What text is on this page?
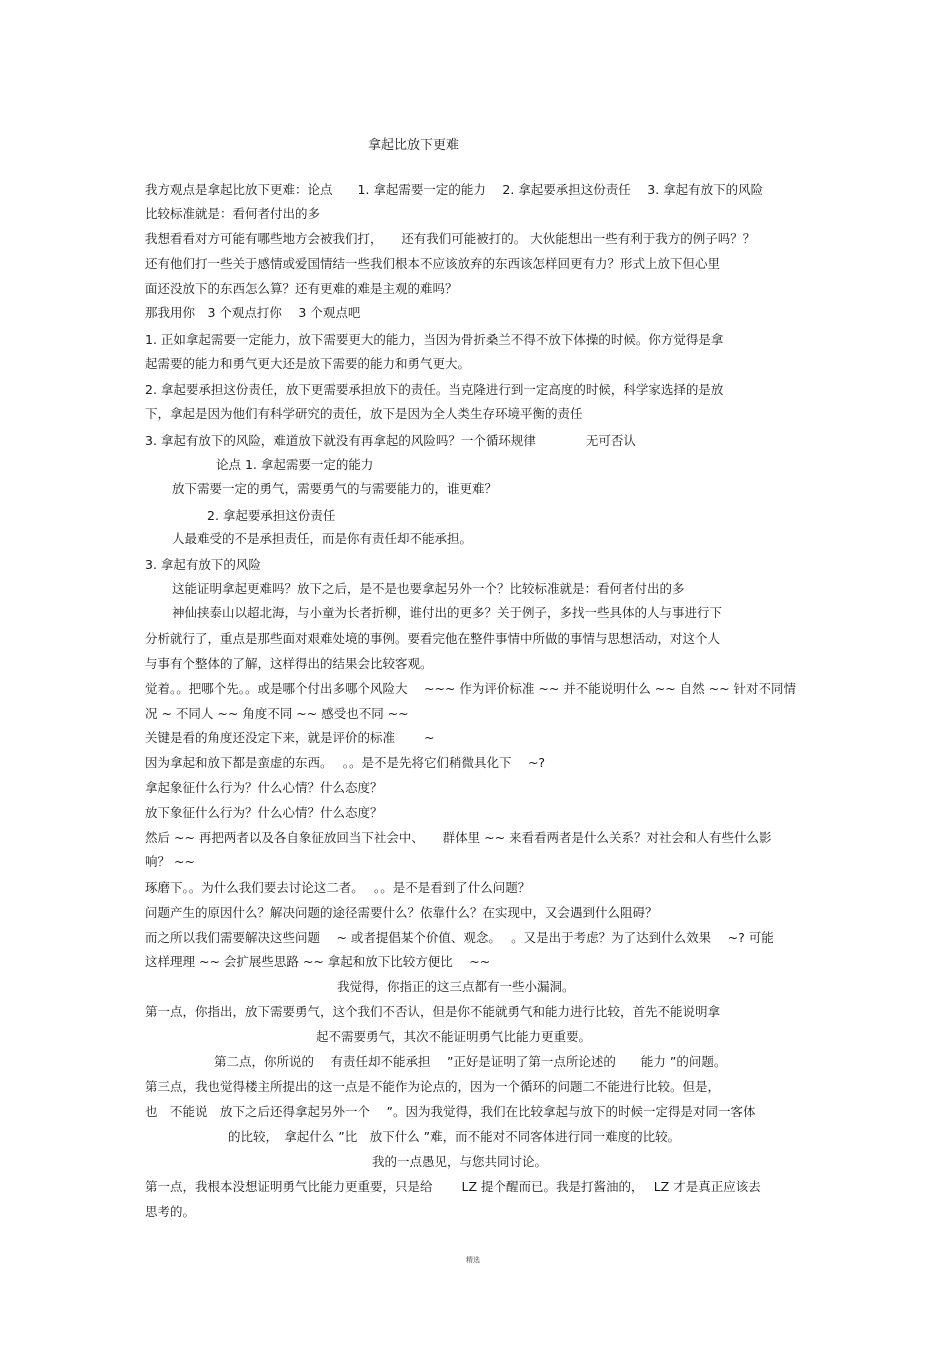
拿起比放下更难
我方观点是拿起比放下更难：论点　　1. 拿起需要一定的能力　 2. 拿起要承担这份责任　 3. 拿起有放下的风险
比较标准就是：看何者付出的多
我想看看对方可能有哪些地方会被我们打，　　还有我们可能被打的。 大伙能想出一些有利于我方的例子吗？？
还有他们打一些关于感情或爱国情结一些我们根本不应该放弃的东西该怎样回更有力？形式上放下但心里
面还没放下的东西怎么算？还有更难的难是主观的难吗？
那我用你　3 个观点打你　 3 个观点吧
1. 正如拿起需要一定能力，放下需要更大的能力，当因为骨折桑兰不得不放下体操的时候。你方觉得是拿
起需要的能力和勇气更大还是放下需要的能力和勇气更大。
2. 拿起要承担这份责任，放下更需要承担放下的责任。当克隆进行到一定高度的时候，科学家选择的是放
下，拿起是因为他们有科学研究的责任，放下是因为全人类生存环境平衡的责任
3. 拿起有放下的风险，难道放下就没有再拿起的风险吗？一个循环规律　　　　无可否认
论点 1. 拿起需要一定的能力
放下需要一定的勇气，需要勇气的与需要能力的，谁更难？
2. 拿起要承担这份责任
人最难受的不是承担责任，而是你有责任却不能承担。
3. 拿起有放下的风险
这能证明拿起更难吗？放下之后，是不是也要拿起另外一个？比较标准就是：看何者付出的多
神仙挟泰山以超北海，与小童为长者折柳，谁付出的更多？关于例子，多找一些具体的人与事进行下
分析就行了，重点是那些面对艰难处境的事例。要看完他在整件事情中所做的事情与思想活动，对这个人
与事有个整体的了解，这样得出的结果会比较客观。
觉着。。把哪个先。。或是哪个付出多哪个风险大　 ~~~ 作为评价标准 ~~ 并不能说明什么 ~~ 自然 ~~ 针对不同情
况 ~ 不同人 ~~ 角度不同 ~~ 感受也不同 ~~
关键是看的角度还没定下来，就是评价的标准　　 ~
因为拿起和放下都是蛮虚的东西。　 。。是不是先将它们稍微具化下　 ~?
拿起象征什么行为？什么心情？什么态度？
放下象征什么行为？什么心情？什么态度？
然后 ~~ 再把两者以及各自象征放回当下社会中、　　群体里 ~~ 来看看两者是什么关系？对社会和人有些什么影
响？ ~~
琢磨下。。为什么我们要去讨论这二者。　 。。是不是看到了什么问题？
问题产生的原因什么？解决问题的途径需要什么？依靠什么？在实现中，又会遇到什么阻碍？
而之所以我们需要解决这些问题　 ~ 或者提倡某个价值、观念。　 。又是出于考虑？为了达到什么效果　 ~? 可能
这样理理 ~~ 会扩展些思路 ~~ 拿起和放下比较方便比　 ~~
我觉得，你指正的这三点都有一些小漏洞。
第一点，你指出，放下需要勇气，这个我们不否认，但是你不能就勇气和能力进行比较，首先不能说明拿
起不需要勇气，其次不能证明勇气比能力更重要。
第二点，你所说的　 有责任却不能承担　 ”正好是证明了第一点所论述的　　能力 ”的问题。
第三点，我也觉得楼主所提出的这一点是不能作为论点的，因为一个循环的问题二不能进行比较。但是，
也　不能说　放下之后还得拿起另外一个　 ”。因为我觉得，我们在比较拿起与放下的时候一定得是对同一客体
的比较，　拿起什么 ”比　放下什么 ”难，而不能对不同客体进行同一难度的比较。
我的一点愚见，与您共同讨论。
第一点，我根本没想证明勇气比能力更重要，只是给　　 LZ 提个醒而已。我是打酱油的，　 LZ 才是真正应该去
思考的。
精选
